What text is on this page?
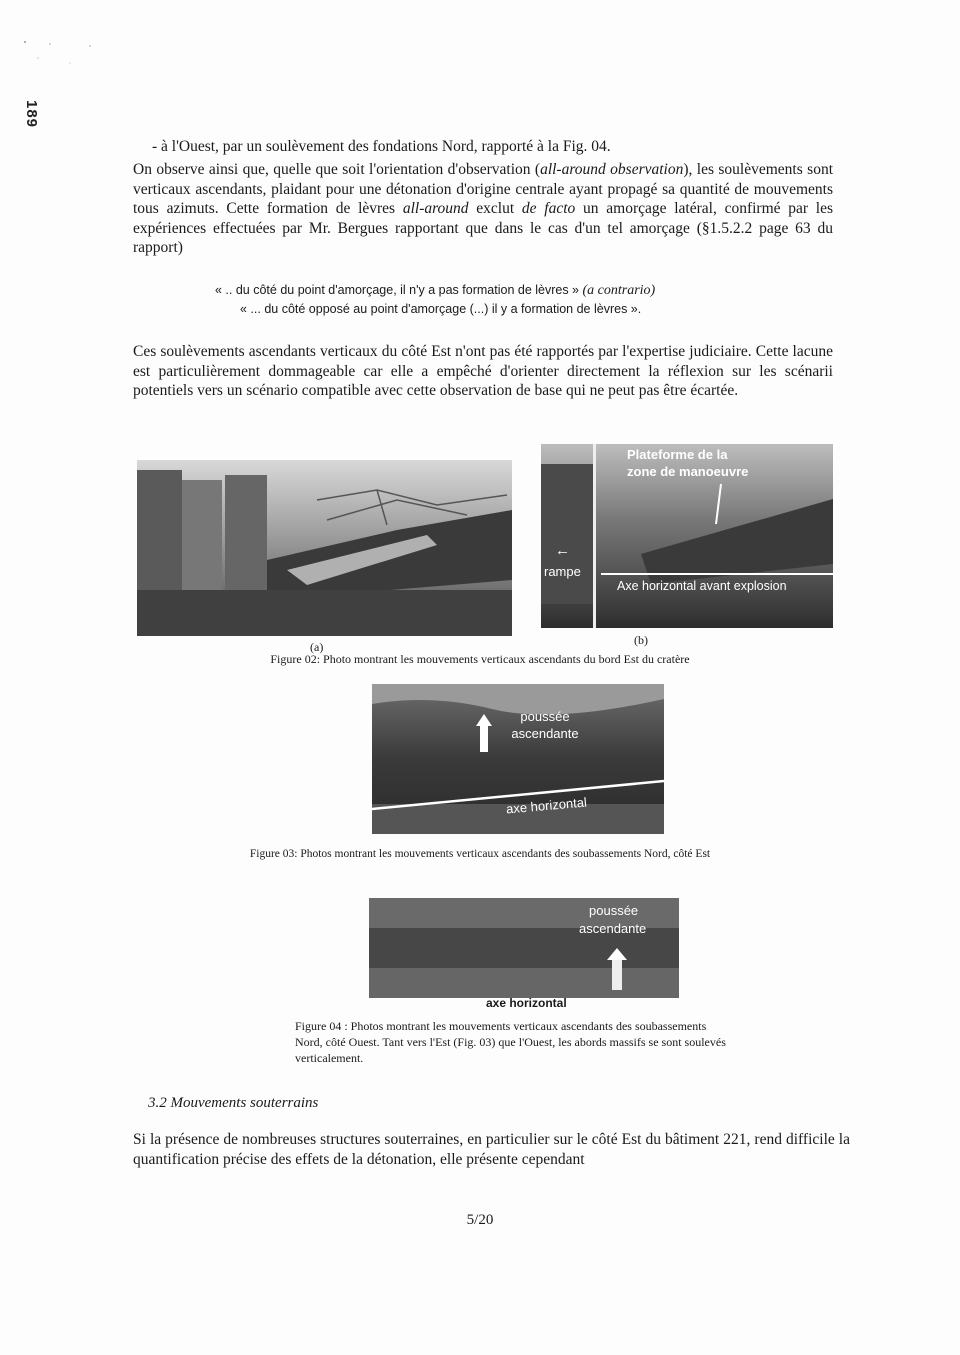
189
- à l'Ouest, par un soulèvement des fondations Nord, rapporté à la Fig. 04.
On observe ainsi que, quelle que soit l'orientation d'observation (all-around observation), les soulèvements sont verticaux ascendants, plaidant pour une détonation d'origine centrale ayant propagé sa quantité de mouvements tous azimuts. Cette formation de lèvres all-around exclut de facto un amorçage latéral, confirmé par les expériences effectuées par Mr. Bergues rapportant que dans le cas d'un tel amorçage (§1.5.2.2 page 63 du rapport)
« .. du côté du point d'amorçage, il n'y a pas formation de lèvres » (a contrario)
« ... du côté opposé au point d'amorçage (...) il y a formation de lèvres ».
Ces soulèvements ascendants verticaux du côté Est n'ont pas été rapportés par l'expertise judiciaire. Cette lacune est particulièrement dommageable car elle a empêché d'orienter directement la réflexion sur les scénarii potentiels vers un scénario compatible avec cette observation de base qui ne peut pas être écartée.
Plateforme de la
zone de manoeuvre
←
rampe
Axe horizontal avant explosion
(a)	(b)
Figure 02: Photo montrant les mouvements verticaux ascendants du bord Est du cratère
poussée ascendante
axe horizontal
Figure 03: Photos montrant les mouvements verticaux ascendants des soubassements Nord, côté Est
poussée
ascendante
axe horizontal
Figure 04 : Photos montrant les mouvements verticaux ascendants des soubassements Nord, côté Ouest. Tant vers l'Est (Fig. 03) que l'Ouest, les abords massifs se sont soulevés verticalement.
3.2 Mouvements souterrains
Si la présence de nombreuses structures souterraines, en particulier sur le côté Est du bâtiment 221, rend difficile la quantification précise des effets de la détonation, elle présente cependant
5/20
